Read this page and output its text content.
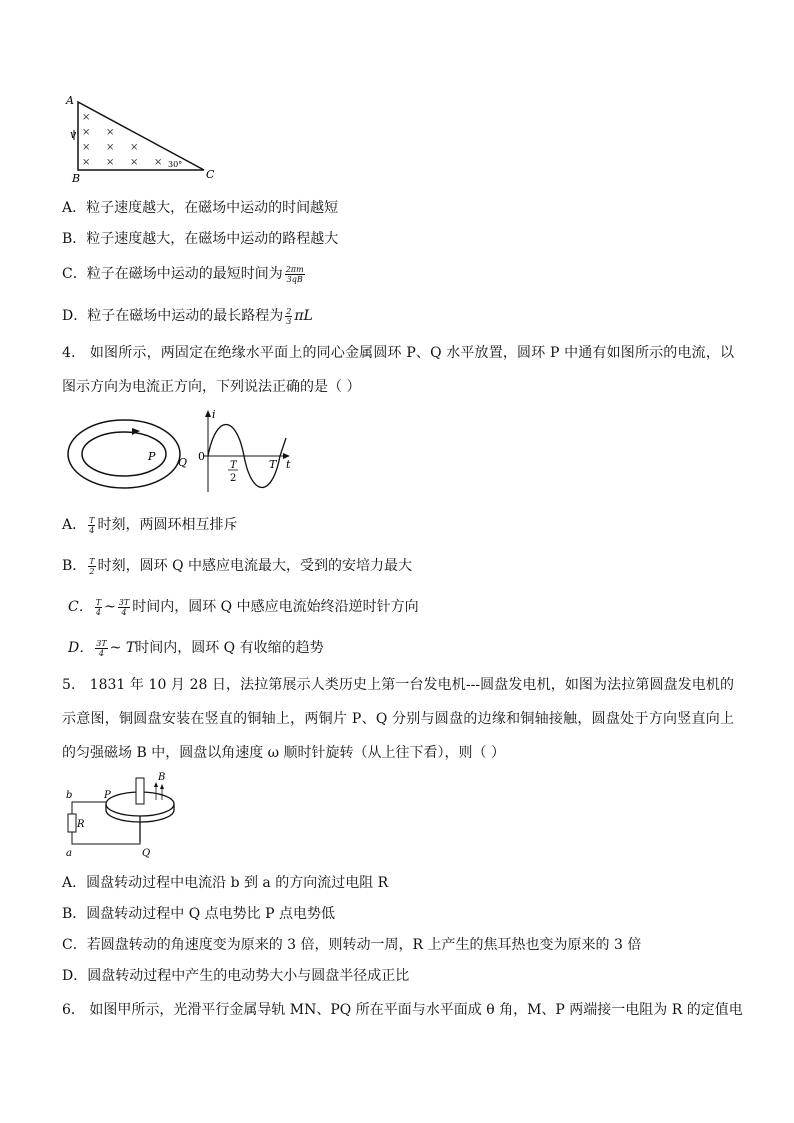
A
v
B	C
30°
×
× ×
× × ×
× × × ×
A．粒子速度越大，在磁场中运动的时间越短
B．粒子速度越大，在磁场中运动的路程越大
C．粒子在磁场中运动的最短时间为 $\frac{2\pi m}{3qB}$
D．粒子在磁场中运动的最长路程为 $\frac{2}{3}$ πL
4． 如图所示，两固定在绝缘水平面上的同心金属圆环 P、Q 水平放置，圆环 P 中通有如图所示的电流，以图示方向为电流正方向，下列说法正确的是（ ）
P Q
i
0
T
2
T t
A． $\frac{T}{4}$ 时刻，两圆环相互排斥
B． $\frac{T}{2}$ 时刻，圆环 Q 中感应电流最大，受到的安培力最大
C． $\frac{T}{4}$ ~ $\frac{3T}{4}$ 时间内，圆环 Q 中感应电流始终沿逆时针方向
D． $\frac{3T}{4}$ ~ T时间内，圆环 Q 有收缩的趋势
5． 1831 年 10 月 28 日，法拉第展示人类历史上第一台发电机---圆盘发电机，如图为法拉第圆盘发电机的示意图，铜圆盘安装在竖直的铜轴上，两铜片 P、Q 分别与圆盘的边缘和铜轴接触，圆盘处于方向竖直向上的匀强磁场 B 中，圆盘以角速度 ω 顺时针旋转（从上往下看），则（ ）
B
P
Q
R
b
a
A．圆盘转动过程中电流沿 b 到 a 的方向流过电阻 R
B．圆盘转动过程中 Q 点电势比 P 点电势低
C．若圆盘转动的角速度变为原来的 3 倍，则转动一周，R 上产生的焦耳热也变为原来的 3 倍
D．圆盘转动过程中产生的电动势大小与圆盘半径成正比
6． 如图甲所示，光滑平行金属导轨 MN、PQ 所在平面与水平面成 θ 角，M、P 两端接一电阻为 R 的定值电
